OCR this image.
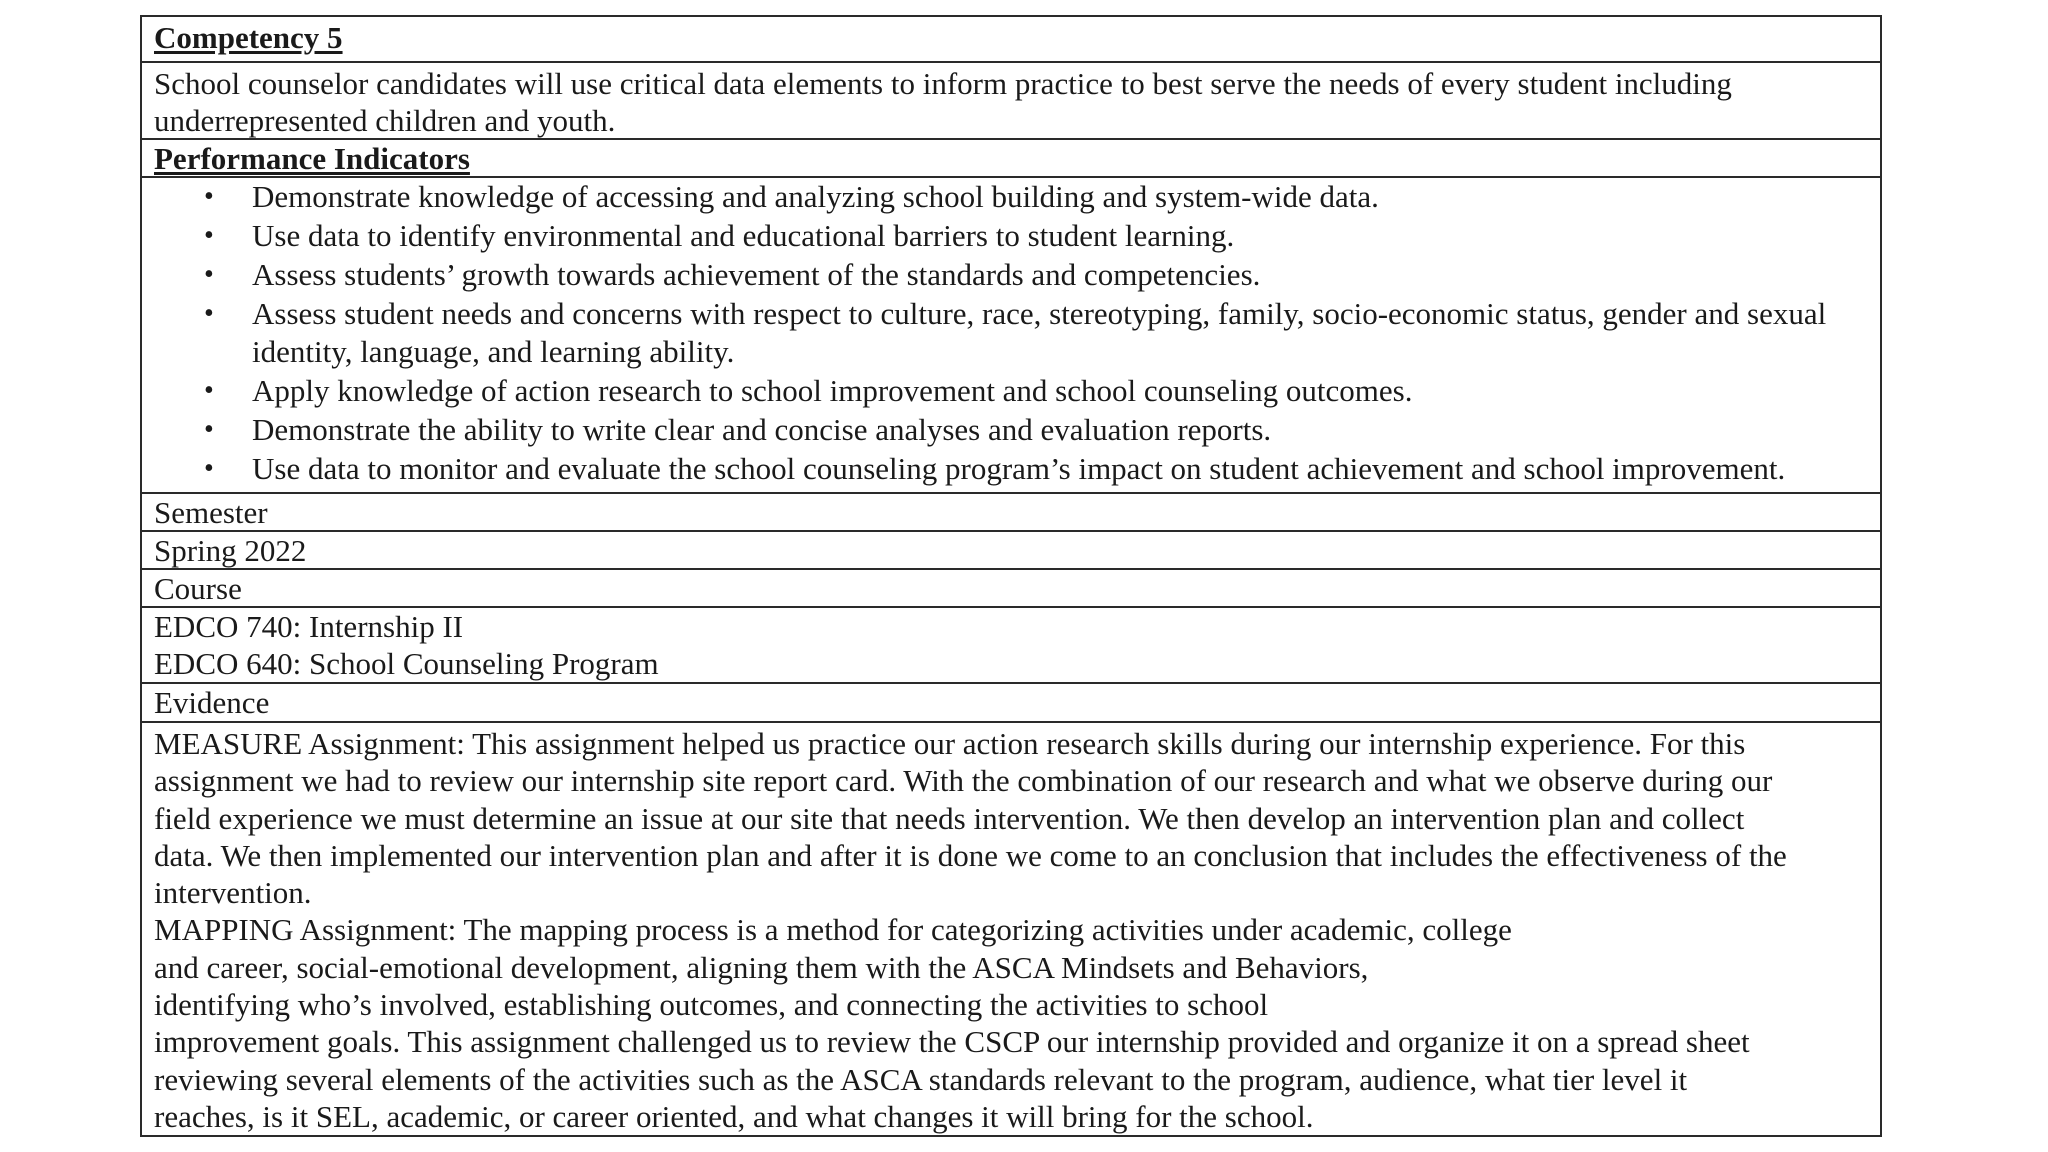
Competency 5
School counselor candidates will use critical data elements to inform practice to best serve the needs of every student including underrepresented children and youth.
Performance Indicators
• Demonstrate knowledge of accessing and analyzing school building and system-wide data.
• Use data to identify environmental and educational barriers to student learning.
• Assess students’ growth towards achievement of the standards and competencies.
• Assess student needs and concerns with respect to culture, race, stereotyping, family, socio-economic status, gender and sexual identity, language, and learning ability.
• Apply knowledge of action research to school improvement and school counseling outcomes.
• Demonstrate the ability to write clear and concise analyses and evaluation reports.
• Use data to monitor and evaluate the school counseling program’s impact on student achievement and school improvement.
Semester
Spring 2022
Course
EDCO 740: Internship II
EDCO 640: School Counseling Program
Evidence

MEASURE Assignment: This assignment helped us practice our action research skills during our internship experience. For this
assignment we had to review our internship site report card. With the combination of our research and what we observe during our
field experience we must determine an issue at our site that needs intervention. We then develop an intervention plan and collect
data. We then implemented our intervention plan and after it is done we come to an conclusion that includes the effectiveness of the
intervention.

MAPPING Assignment: The mapping process is a method for categorizing activities under academic, college
and career, social-emotional development, aligning them with the ASCA Mindsets and Behaviors,
identifying who’s involved, establishing outcomes, and connecting the activities to school
improvement goals. This assignment challenged us to review the CSCP our internship provided and organize it on a spread sheet
reviewing several elements of the activities such as the ASCA standards relevant to the program, audience, what tier level it
reaches, is it SEL, academic, or career oriented, and what changes it will bring for the school.
